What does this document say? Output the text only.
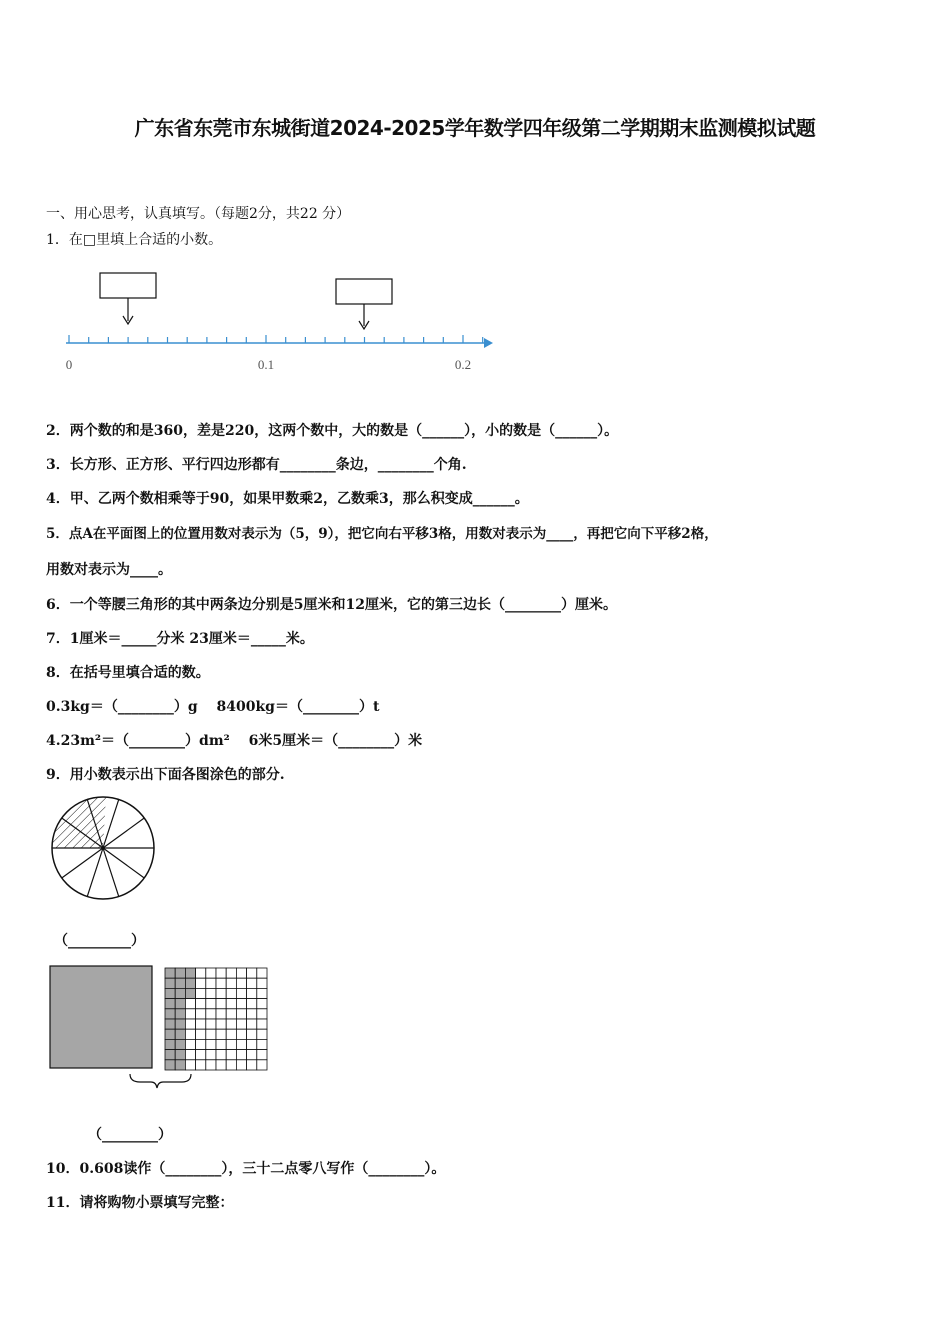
广东省东莞市东城街道2024-2025学年数学四年级第二学期期末监测模拟试题
一、用心思考，认真填写。（每题2分，共22 分）
1．在□里填上合适的小数。
0	0.1	0.2
2．两个数的和是360，差是220，这两个数中，大的数是（______），小的数是（______）。
3．长方形、正方形、平行四边形都有________条边，________个角.
4．甲、乙两个数相乘等于90，如果甲数乘2，乙数乘3，那么积变成______。
5．点A在平面图上的位置用数对表示为（5，9），把它向右平移3格，用数对表示为____，再把它向下平移2格，
用数对表示为____。
6．一个等腰三角形的其中两条边分别是5厘米和12厘米，它的第三边长（________）厘米。
7．1厘米＝_____分米 23厘米＝_____米。
8．在括号里填合适的数。
0.3kg＝（________）g　 8400kg＝（________）t
4.23m²＝（________）dm²　 6米5厘米＝（________）米
9．用小数表示出下面各图涂色的部分.
（_________）
（________）
10．0.608读作（________），三十二点零八写作（________）。
11．请将购物小票填写完整：
